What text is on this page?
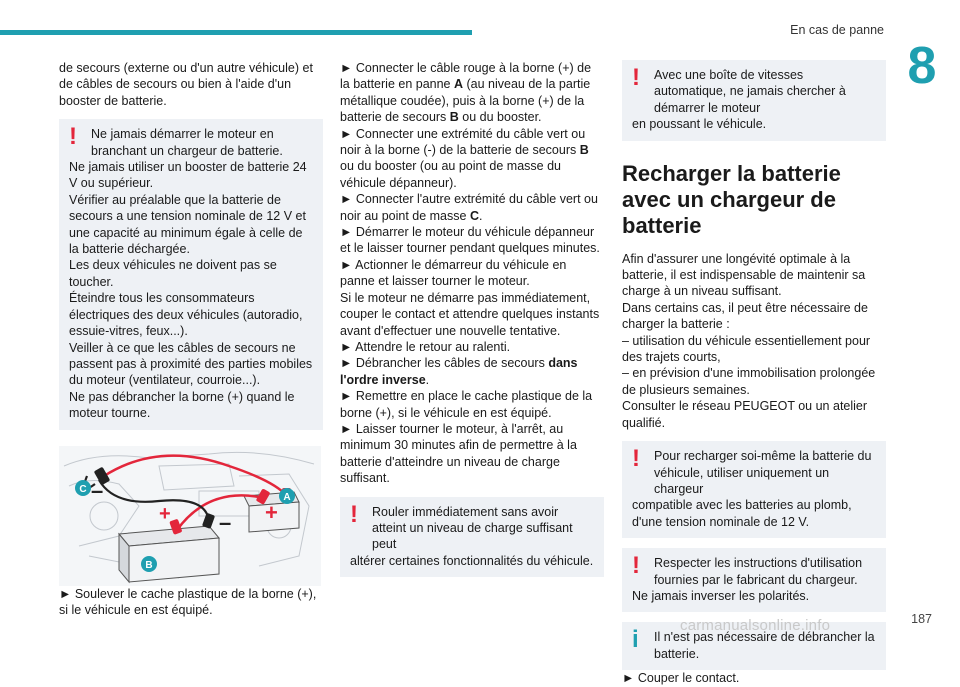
En cas de panne
8

de secours (externe ou d'un autre véhicule) et de câbles de secours ou bien à l'aide d'un booster de batterie.

!	Ne jamais démarrer le moteur en branchant un chargeur de batterie.

Ne jamais utiliser un booster de batterie 24 V ou supérieur.

Vérifier au préalable que la batterie de secours a une tension nominale de 12 V et une capacité au minimum égale à celle de la batterie déchargée.

Les deux véhicules ne doivent pas se toucher.

Éteindre tous les consommateurs électriques des deux véhicules (autoradio, essuie-vitres, feux...).

Veiller à ce que les câbles de secours ne passent pas à proximité des parties mobiles du moteur (ventilateur, courroie...).

Ne pas débrancher la borne (+) quand le moteur tourne.

+ – +
–
C
A
B

► Soulever le cache plastique de la borne (+), si le véhicule en est équipé.

► Connecter le câble rouge à la borne (+) de la batterie en panne A (au niveau de la partie métallique coudée), puis à la borne (+) de la batterie de secours B ou du booster.

► Connecter une extrémité du câble vert ou noir à la borne (-) de la batterie de secours B ou du booster (ou au point de masse du véhicule dépanneur).

► Connecter l'autre extrémité du câble vert ou noir au point de masse C.

► Démarrer le moteur du véhicule dépanneur et le laisser tourner pendant quelques minutes.

► Actionner le démarreur du véhicule en panne et laisser tourner le moteur.

Si le moteur ne démarre pas immédiatement, couper le contact et attendre quelques instants avant d'effectuer une nouvelle tentative.

► Attendre le retour au ralenti.

► Débrancher les câbles de secours dans l'ordre inverse.

► Remettre en place le cache plastique de la borne (+), si le véhicule en est équipé.

► Laisser tourner le moteur, à l'arrêt, au minimum 30 minutes afin de permettre à la batterie d'atteindre un niveau de charge suffisant.

!	Rouler immédiatement sans avoir atteint un niveau de charge suffisant peut

altérer certaines fonctionnalités du véhicule.

!	Avec une boîte de vitesses automatique, ne jamais chercher à démarrer le moteur

en poussant le véhicule.

Recharger la batterie avec un chargeur de batterie

Afin d'assurer une longévité optimale à la batterie, il est indispensable de maintenir sa charge à un niveau suffisant.

Dans certains cas, il peut être nécessaire de charger la batterie :

– utilisation du véhicule essentiellement pour des trajets courts,

– en prévision d'une immobilisation prolongée de plusieurs semaines.

Consulter le réseau PEUGEOT ou un atelier qualifié.

!	Pour recharger soi-même la batterie du véhicule, utiliser uniquement un chargeur

compatible avec les batteries au plomb, d'une tension nominale de 12 V.

!	Respecter les instructions d'utilisation fournies par le fabricant du chargeur.

Ne jamais inverser les polarités.

i	Il n'est pas nécessaire de débrancher la batterie.

► Couper le contact.

187
carmanualsonline.info
